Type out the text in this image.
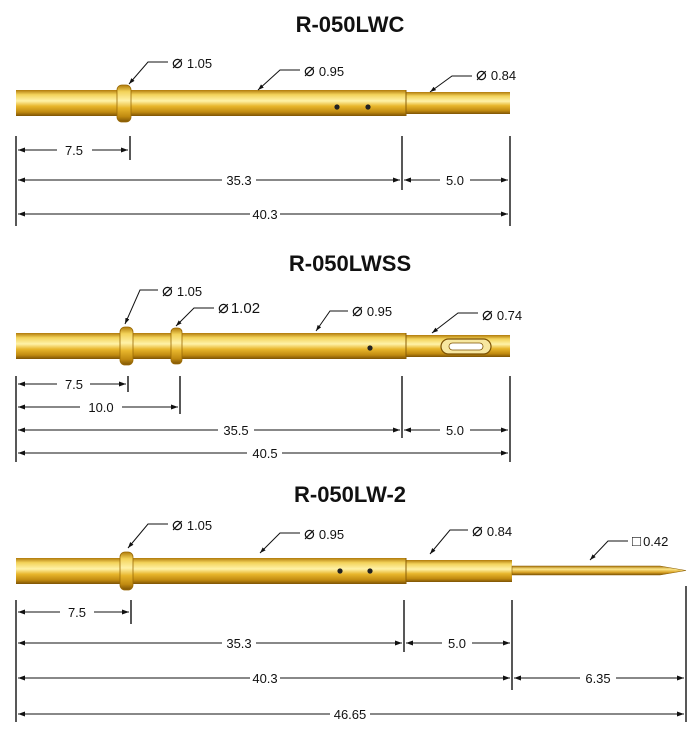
R-050LWC
⌀ 1.05	⌀ 0.95	⌀ 0.84
7.5
35.3	5.0
40.3
R-050LWSS
⌀ 1.05
⌀ 1.02	⌀ 0.95	⌀ 0.74
7.5
10.0
35.5	5.0
40.5
R-050LW-2
⌀ 1.05	⌀ 0.95	⌀ 0.84
□ 0.42
7.5
35.3	5.0
40.3	6.35
46.65
